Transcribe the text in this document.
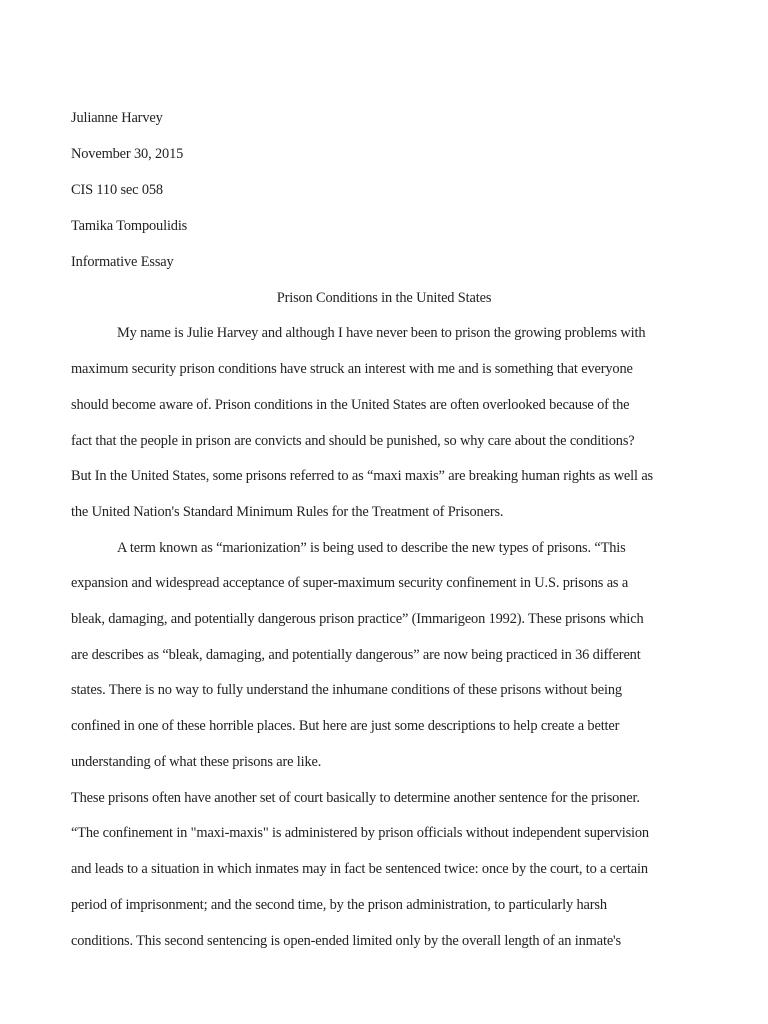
Julianne Harvey
November 30, 2015
CIS 110 sec 058
Tamika Tompoulidis
Informative Essay
Prison Conditions in the United States
My name is Julie Harvey and although I have never been to prison the growing problems with
maximum security prison conditions have struck an interest with me and is something that everyone
should become aware of. Prison conditions in the United States are often overlooked because of the
fact that the people in prison are convicts and should be punished, so why care about the conditions?
But In the United States, some prisons referred to as “maxi maxis” are breaking human rights as well as
the United Nation's Standard Minimum Rules for the Treatment of Prisoners.
A term known as “marionization” is being used to describe the new types of prisons. “This
expansion and widespread acceptance of super-maximum security confinement in U.S. prisons as a
bleak, damaging, and potentially dangerous prison practice” (Immarigeon 1992). These prisons which
are describes as “bleak, damaging, and potentially dangerous” are now being practiced in 36 different
states. There is no way to fully understand the inhumane conditions of these prisons without being
confined in one of these horrible places. But here are just some descriptions to help create a better
understanding of what these prisons are like.
These prisons often have another set of court basically to determine another sentence for the prisoner.
“The confinement in "maxi-maxis" is administered by prison officials without independent supervision
and leads to a situation in which inmates may in fact be sentenced twice: once by the court, to a certain
period of imprisonment; and the second time, by the prison administration, to particularly harsh
conditions. This second sentencing is open-ended limited only by the overall length of an inmate's
